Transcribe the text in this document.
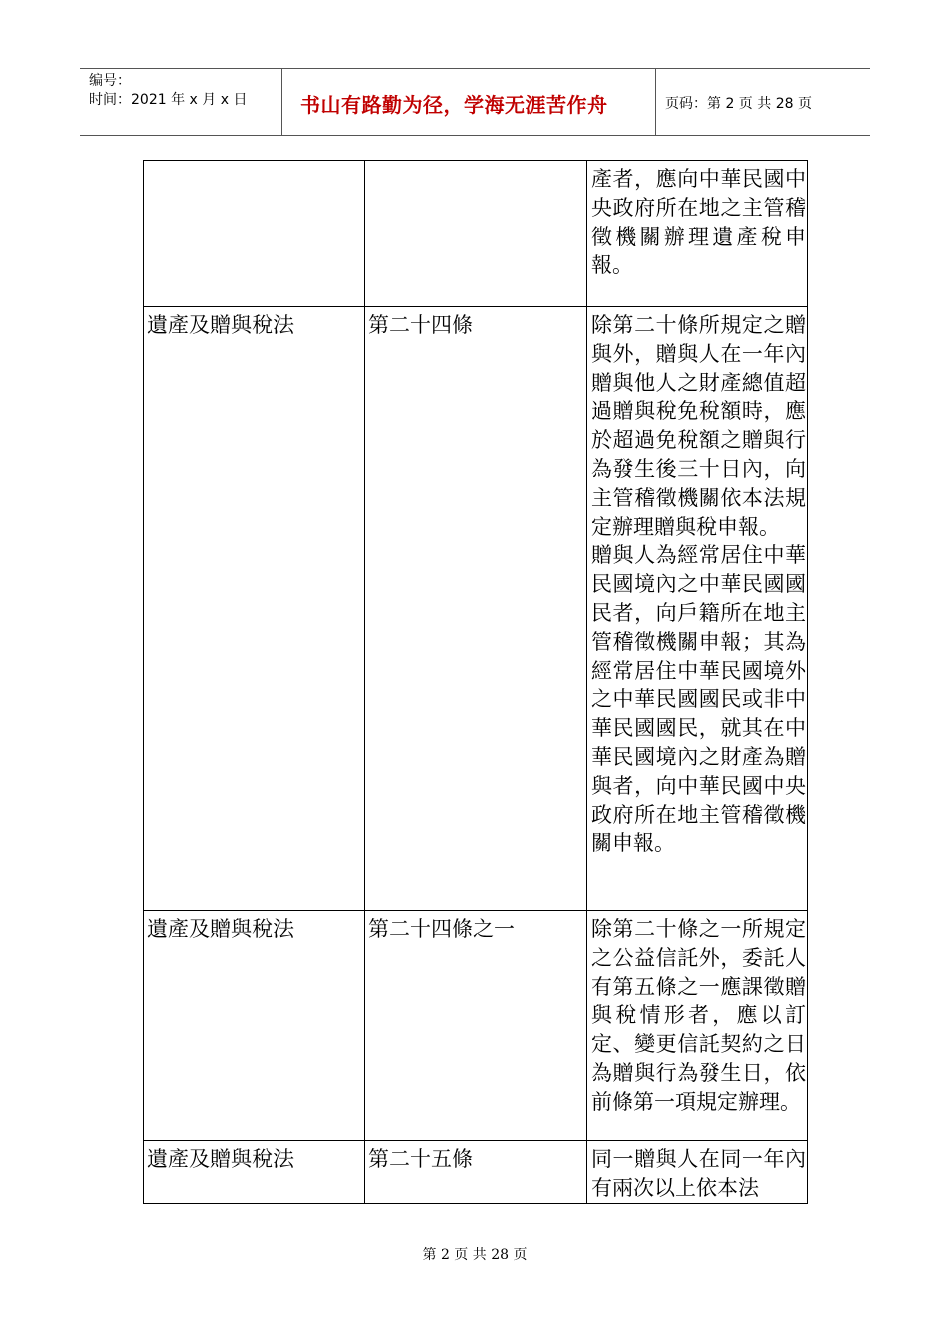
编号：
时间：2021 年 x 月 x 日	书山有路勤为径，学海无涯苦作舟	页码：第 2 页 共 28 页

		產者，應向中華民國中央政府所在地之主管稽徵機關辦理遺產稅申報。

遺產及贈與稅法	第二十四條	除第二十條所規定之贈與外，贈與人在一年內贈與他人之財產總值超過贈與稅免稅額時，應於超過免稅額之贈與行為發生後三十日內，向主管稽徵機關依本法規定辦理贈與稅申報。
贈與人為經常居住中華民國境內之中華民國國民者，向戶籍所在地主管稽徵機關申報；其為經常居住中華民國境外之中華民國國民或非中華民國國民，就其在中華民國境內之財產為贈與者，向中華民國中央政府所在地主管稽徵機關申報。

遺產及贈與稅法	第二十四條之一	除第二十條之一所規定之公益信託外，委託人有第五條之一應課徵贈與稅情形者，應以訂定、變更信託契約之日為贈與行為發生日，依前條第一項規定辦理。

遺產及贈與稅法	第二十五條	同一贈與人在同一年內有兩次以上依本法
第 2 页 共 28 页
